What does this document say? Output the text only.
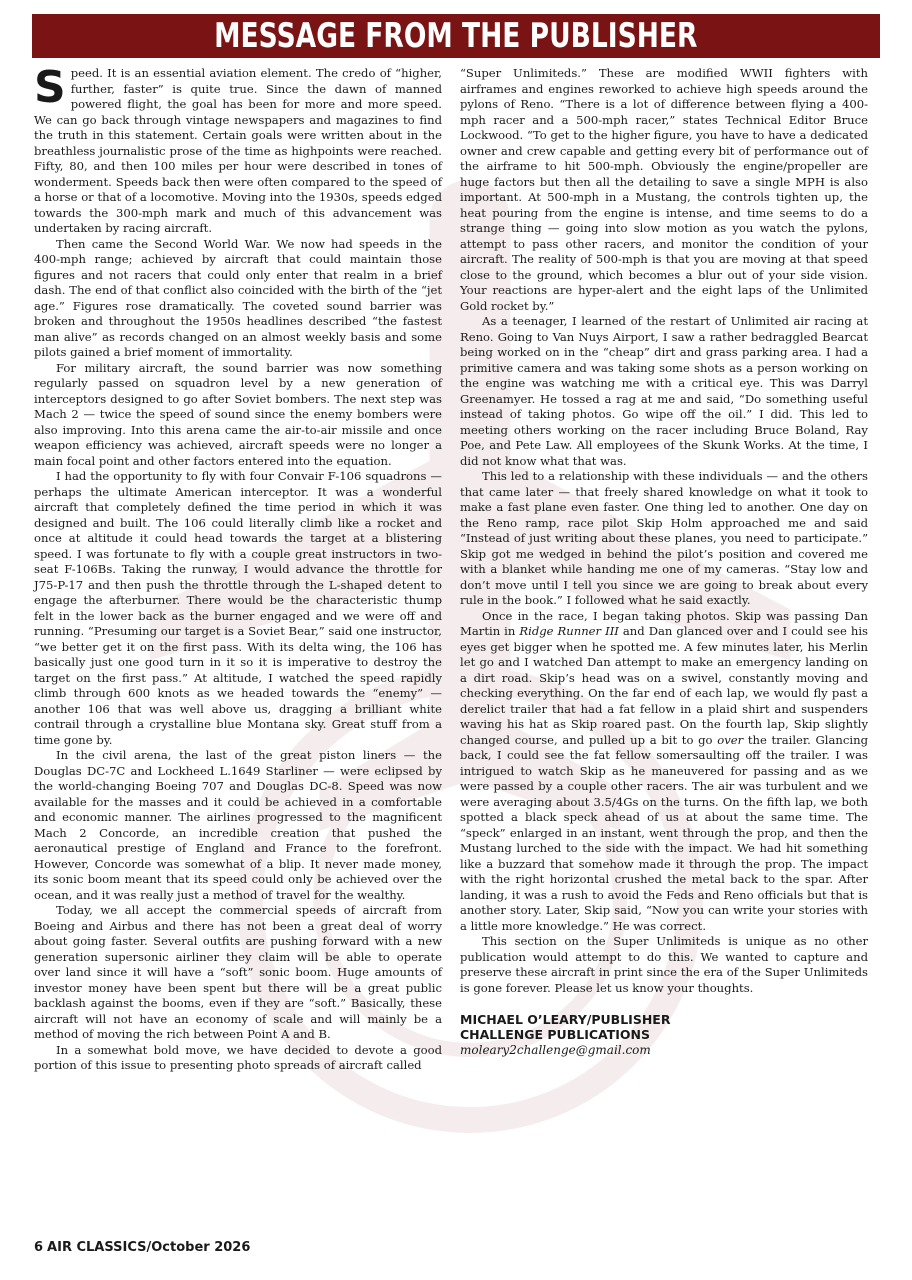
MESSAGE FROM THE PUBLISHER

Speed. It is an essential aviation element. The credo of “higher, further, faster” is quite true. Since the dawn of manned powered flight, the goal has been for more and more speed. We can go back through vintage newspapers and magazines to find the truth in this statement. Certain goals were written about in the breathless journalistic prose of the time as highpoints were reached. Fifty, 80, and then 100 miles per hour were described in tones of wonderment. Speeds back then were often compared to the speed of a horse or that of a locomotive. Moving into the 1930s, speeds edged towards the 300-mph mark and much of this advancement was undertaken by racing aircraft.

Then came the Second World War. We now had speeds in the 400-mph range; achieved by aircraft that could maintain those figures and not racers that could only enter that realm in a brief dash. The end of that conflict also coincided with the birth of the “jet age.” Figures rose dramatically. The coveted sound barrier was broken and throughout the 1950s headlines described “the fastest man alive” as records changed on an almost weekly basis and some pilots gained a brief moment of immortality.

For military aircraft, the sound barrier was now something regularly passed on squadron level by a new generation of interceptors designed to go after Soviet bombers. The next step was Mach 2 — twice the speed of sound since the enemy bombers were also improving. Into this arena came the air-to-air missile and once weapon efficiency was achieved, aircraft speeds were no longer a main focal point and other factors entered into the equation.

I had the opportunity to fly with four Convair F-106 squadrons — perhaps the ultimate American interceptor. It was a wonderful aircraft that completely defined the time period in which it was designed and built. The 106 could literally climb like a rocket and once at altitude it could head towards the target at a blistering speed. I was fortunate to fly with a couple great instructors in two-seat F-106Bs. Taking the runway, I would advance the throttle for J75-P-17 and then push the throttle through the L-shaped detent to engage the afterburner. There would be the characteristic thump felt in the lower back as the burner engaged and we were off and running. “Presuming our target is a Soviet Bear,” said one instructor, “we better get it on the first pass. With its delta wing, the 106 has basically just one good turn in it so it is imperative to destroy the target on the first pass.” At altitude, I watched the speed rapidly climb through 600 knots as we headed towards the “enemy” — another 106 that was well above us, dragging a brilliant white contrail through a crystalline blue Montana sky. Great stuff from a time gone by.

In the civil arena, the last of the great piston liners — the Douglas DC-7C and Lockheed L.1649 Starliner — were eclipsed by the world-changing Boeing 707 and Douglas DC-8. Speed was now available for the masses and it could be achieved in a comfortable and economic manner. The airlines progressed to the magnificent Mach 2 Concorde, an incredible creation that pushed the aeronautical prestige of England and France to the forefront. However, Concorde was somewhat of a blip. It never made money, its sonic boom meant that its speed could only be achieved over the ocean, and it was really just a method of travel for the wealthy.

Today, we all accept the commercial speeds of aircraft from Boeing and Airbus and there has not been a great deal of worry about going faster. Several outfits are pushing forward with a new generation supersonic airliner they claim will be able to operate over land since it will have a “soft” sonic boom. Huge amounts of investor money have been spent but there will be a great public backlash against the booms, even if they are “soft.” Basically, these aircraft will not have an economy of scale and will mainly be a method of moving the rich between Point A and B.

In a somewhat bold move, we have decided to devote a good portion of this issue to presenting photo spreads of aircraft called

“Super Unlimiteds.” These are modified WWII fighters with airframes and engines reworked to achieve high speeds around the pylons of Reno. “There is a lot of difference between flying a 400-mph racer and a 500-mph racer,” states Technical Editor Bruce Lockwood. “To get to the higher figure, you have to have a dedicated owner and crew capable and getting every bit of performance out of the airframe to hit 500-mph. Obviously the engine/propeller are huge factors but then all the detailing to save a single MPH is also important. At 500-mph in a Mustang, the controls tighten up, the heat pouring from the engine is intense, and time seems to do a strange thing — going into slow motion as you watch the pylons, attempt to pass other racers, and monitor the condition of your aircraft. The reality of 500-mph is that you are moving at that speed close to the ground, which becomes a blur out of your side vision. Your reactions are hyper-alert and the eight laps of the Unlimited Gold rocket by.”

As a teenager, I learned of the restart of Unlimited air racing at Reno. Going to Van Nuys Airport, I saw a rather bedraggled Bearcat being worked on in the “cheap” dirt and grass parking area. I had a primitive camera and was taking some shots as a person working on the engine was watching me with a critical eye. This was Darryl Greenamyer. He tossed a rag at me and said, “Do something useful instead of taking photos. Go wipe off the oil.” I did. This led to meeting others working on the racer including Bruce Boland, Ray Poe, and Pete Law. All employees of the Skunk Works. At the time, I did not know what that was.

This led to a relationship with these individuals — and the others that came later — that freely shared knowledge on what it took to make a fast plane even faster. One thing led to another. One day on the Reno ramp, race pilot Skip Holm approached me and said “Instead of just writing about these planes, you need to participate.” Skip got me wedged in behind the pilot’s position and covered me with a blanket while handing me one of my cameras. “Stay low and don’t move until I tell you since we are going to break about every rule in the book.” I followed what he said exactly.

Once in the race, I began taking photos. Skip was passing Dan Martin in Ridge Runner III and Dan glanced over and I could see his eyes get bigger when he spotted me. A few minutes later, his Merlin let go and I watched Dan attempt to make an emergency landing on a dirt road. Skip’s head was on a swivel, constantly moving and checking everything. On the far end of each lap, we would fly past a derelict trailer that had a fat fellow in a plaid shirt and suspenders waving his hat as Skip roared past. On the fourth lap, Skip slightly changed course, and pulled up a bit to go over the trailer. Glancing back, I could see the fat fellow somersaulting off the trailer. I was intrigued to watch Skip as he maneuvered for passing and as we were passed by a couple other racers. The air was turbulent and we were averaging about 3.5/4Gs on the turns. On the fifth lap, we both spotted a black speck ahead of us at about the same time. The “speck” enlarged in an instant, went through the prop, and then the Mustang lurched to the side with the impact. We had hit something like a buzzard that somehow made it through the prop. The impact with the right horizontal crushed the metal back to the spar. After landing, it was a rush to avoid the Feds and Reno officials but that is another story. Later, Skip said, “Now you can write your stories with a little more knowledge.” He was correct.

This section on the Super Unlimiteds is unique as no other publication would attempt to do this. We wanted to capture and preserve these aircraft in print since the era of the Super Unlimiteds is gone forever. Please let us know your thoughts.

MICHAEL O’LEARY/PUBLISHER
CHALLENGE PUBLICATIONS
moleary2challenge@gmail.com
6 AIR CLASSICS/October 2026
